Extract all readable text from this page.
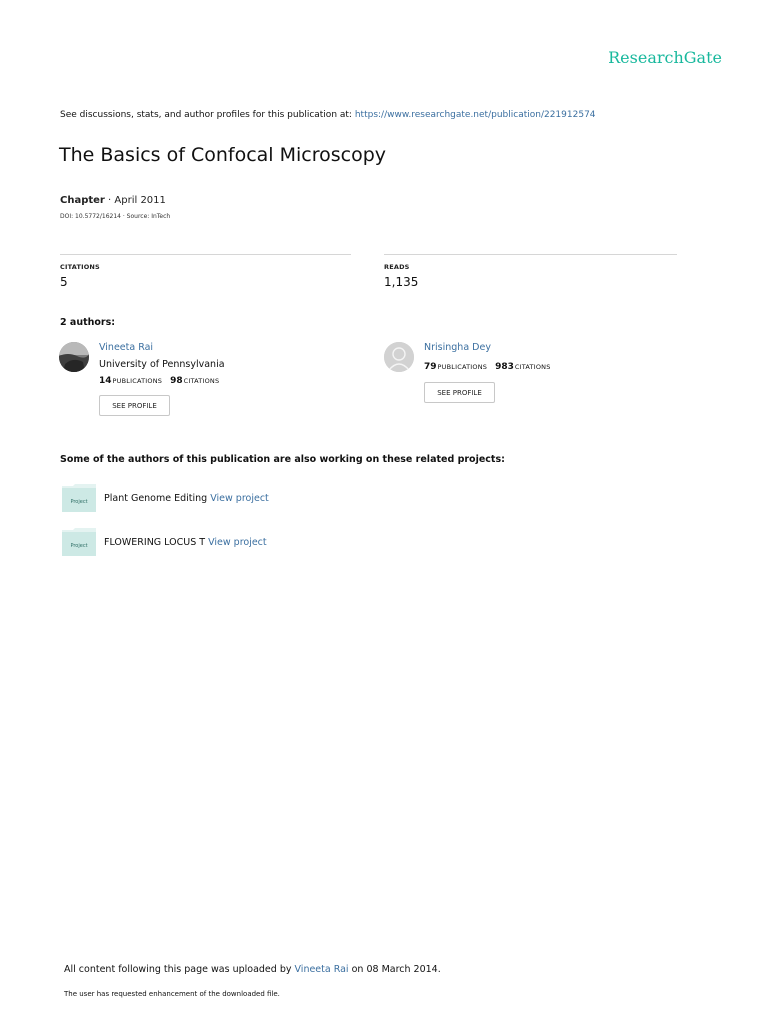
ResearchGate
See discussions, stats, and author profiles for this publication at: https://www.researchgate.net/publication/221912574
The Basics of Confocal Microscopy
Chapter · April 2011
DOI: 10.5772/16214 · Source: InTech
CITATIONS
5
READS
1,135
2 authors:
Vineeta Rai
University of Pennsylvania
14PUBLICATIONS 98CITATIONS
SEE PROFILE
Nrisingha Dey
79PUBLICATIONS 983CITATIONS
SEE PROFILE
Some of the authors of this publication are also working on these related projects:
Project Plant Genome Editing View project
Project FLOWERING LOCUS T View project
All content following this page was uploaded by Vineeta Rai on 08 March 2014.
The user has requested enhancement of the downloaded file.
